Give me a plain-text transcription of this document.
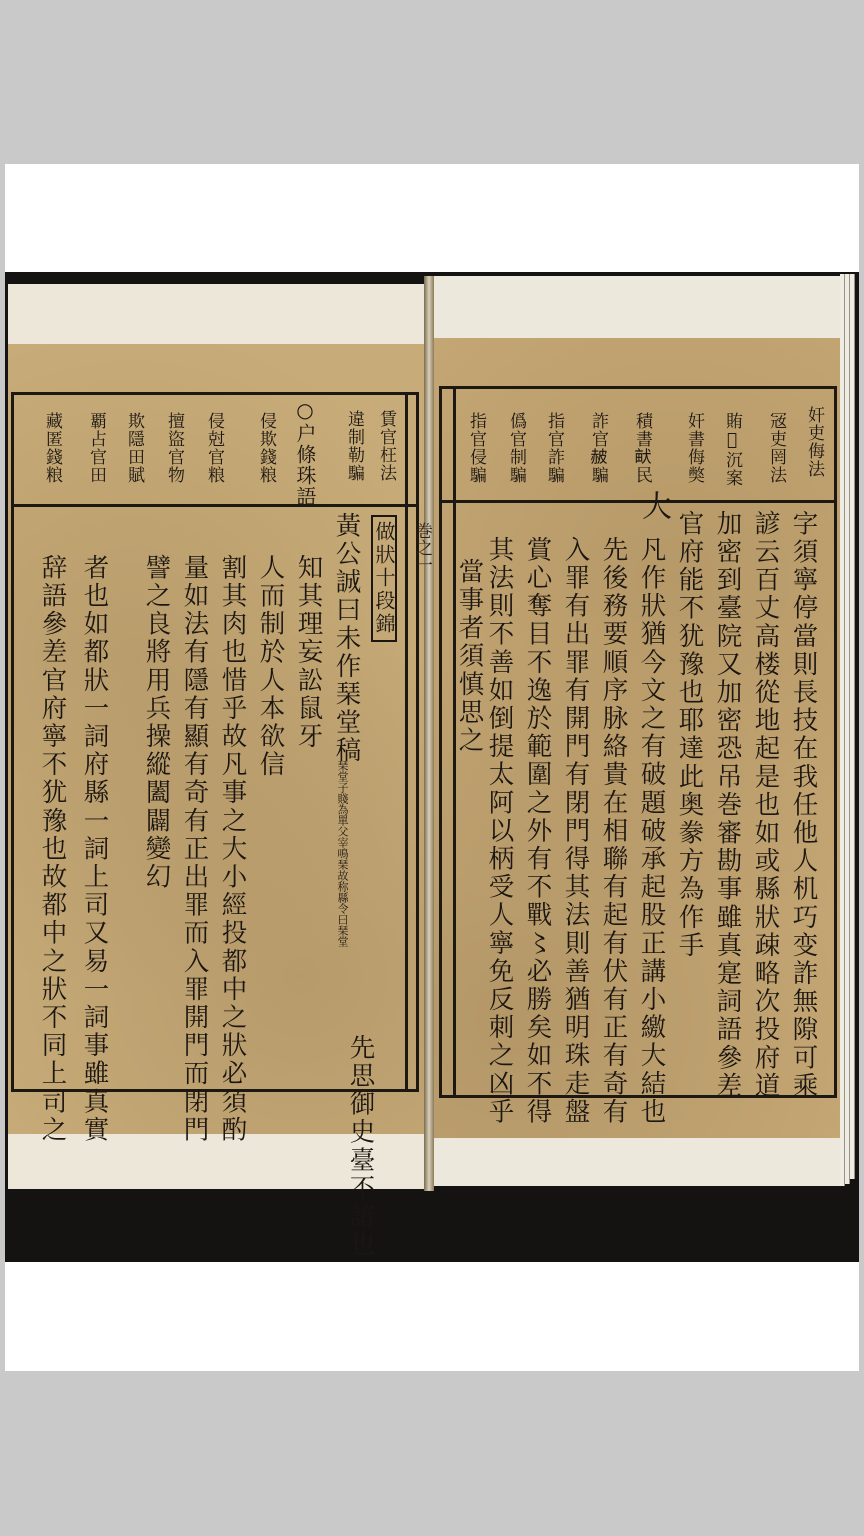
賃官枉法
違制勒騙
○户條珠語
侵欺錢粮
侵尅官粮
擅盜官物
欺隱田賦
覇占官田
藏匿錢粮
巻之一
做狀十段錦
黃公誠曰未作琹堂稿
琹堂子賤為單父宰鳴琹故称縣令曰琹堂
先思御史臺不諳也
知其理妄訟鼠牙
人而制於人本欲信
割其肉也惜乎故凡事之大小經投都中之狀必須酌
量如法有隱有顯有奇有正出罪而入罪開門而閉門
譬之良將用兵操縱闔闢變幻
者也如都狀一詞府縣一詞上司又易一詞事雖真實
辞語參差官府寧不犹豫也故都中之狀不同上司之
奸吏侮法
㓂吏罔法
賄𧴩沉案
奸書侮獘
積書𤱶民
詐官𧹞騙
指官詐騙
僞官制騙
指官侵騙
字須寧停當則長技在我任他人机巧变詐無隙可乘
諺云百丈高楼從地起是也如或縣狀疎略次投府道
加密到臺院又加密恐吊巻審勘事雖真寔詞語參差
官府能不犹豫也耶達此奥豢方為作手
大
凡作狀猶今文之有破題破承起股正講小繳大結也
先後務要順序脉絡貴在相聯有起有伏有正有奇有
入罪有出罪有開門有閉門得其法則善猶明珠走盤
賞心奪目不逸於範圍之外有不戰〻必勝矣如不得
其法則不善如倒提太阿以柄受人寧免反刺之凶乎
當事者須慎思之
